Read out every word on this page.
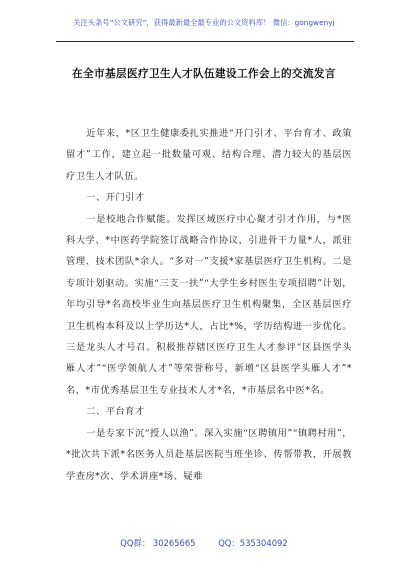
关注头条号“公文研究”，获得最新最全最专业的公文资料库！ 微信：gongwenyj
在全市基层医疗卫生人才队伍建设工作会上的交流发言

近年来，*区卫生健康委扎实推进“开门引才、平台育才、政策留才”工作，建立起一批数量可观、结构合理、潜力较大的基层医疗卫生人才队伍。

一、开门引才

一是校地合作赋能。发挥区域医疗中心聚才引才作用，与*医科大学、*中医药学院签订战略合作协议，引进骨干力量*人，派驻管理、技术团队*余人。“多对一”支援*家基层医疗卫生机构。二是专项计划驱动。实施“三支一扶”“大学生乡村医生专项招聘”计划，年均引导*名高校毕业生向基层医疗卫生机构聚集，全区基层医疗卫生机构本科及以上学历达*人，占比*%，学历结构进一步优化。三是龙头人才号召。积极推荐辖区医疗卫生人才参评“区县医学头雁人才”“医学领航人才”等荣誉称号，新增“区县医学头雁人才”*名，*市优秀基层卫生专业技术人才*名，*市基层名中医*名。

二、平台育才

一是专家下沉“授人以渔”。深入实施“区聘镇用”“镇聘村用”，*批次共下派*名医务人员赴基层医院当班坐诊、传帮带教，开展教学查房*次、学术讲座*场、疑难

QQ群： 30265665	QQ：535304092
